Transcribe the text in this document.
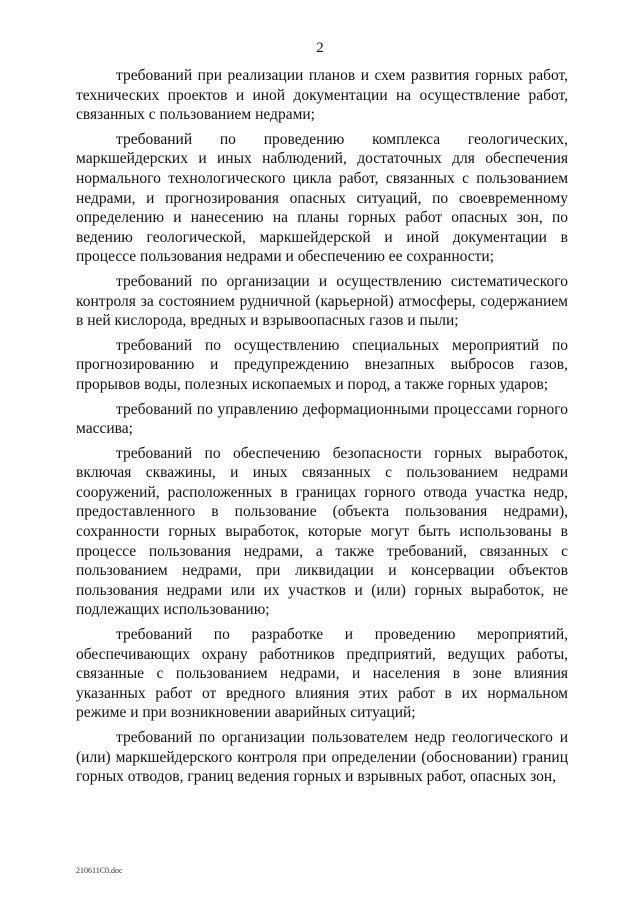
2

требований при реализации планов и схем развития горных работ, технических проектов и иной документации на осуществление работ, связанных с пользованием недрами;

требований по проведению комплекса геологических, маркшейдерских и иных наблюдений, достаточных для обеспечения нормального технологического цикла работ, связанных с пользованием недрами, и прогнозирования опасных ситуаций, по своевременному определению и нанесению на планы горных работ опасных зон, по ведению геологической, маркшейдерской и иной документации в процессе пользования недрами и обеспечению ее сохранности;

требований по организации и осуществлению систематического контроля за состоянием рудничной (карьерной) атмосферы, содержанием в ней кислорода, вредных и взрывоопасных газов и пыли;

требований по осуществлению специальных мероприятий по прогнозированию и предупреждению внезапных выбросов газов, прорывов воды, полезных ископаемых и пород, а также горных ударов;

требований по управлению деформационными процессами горного массива;

требований по обеспечению безопасности горных выработок, включая скважины, и иных связанных с пользованием недрами сооружений, расположенных в границах горного отвода участка недр, предоставленного в пользование (объекта пользования недрами), сохранности горных выработок, которые могут быть использованы в процессе пользования недрами, а также требований, связанных с пользованием недрами, при ликвидации и консервации объектов пользования недрами или их участков и (или) горных выработок, не подлежащих использованию;

требований по разработке и проведению мероприятий, обеспечивающих охрану работников предприятий, ведущих работы, связанные с пользованием недрами, и населения в зоне влияния указанных работ от вредного влияния этих работ в их нормальном режиме и при возникновении аварийных ситуаций;

требований по организации пользователем недр геологического и (или) маркшейдерского контроля при определении (обосновании) границ горных отводов, границ ведения горных и взрывных работ, опасных зон,

210611C0.doc
